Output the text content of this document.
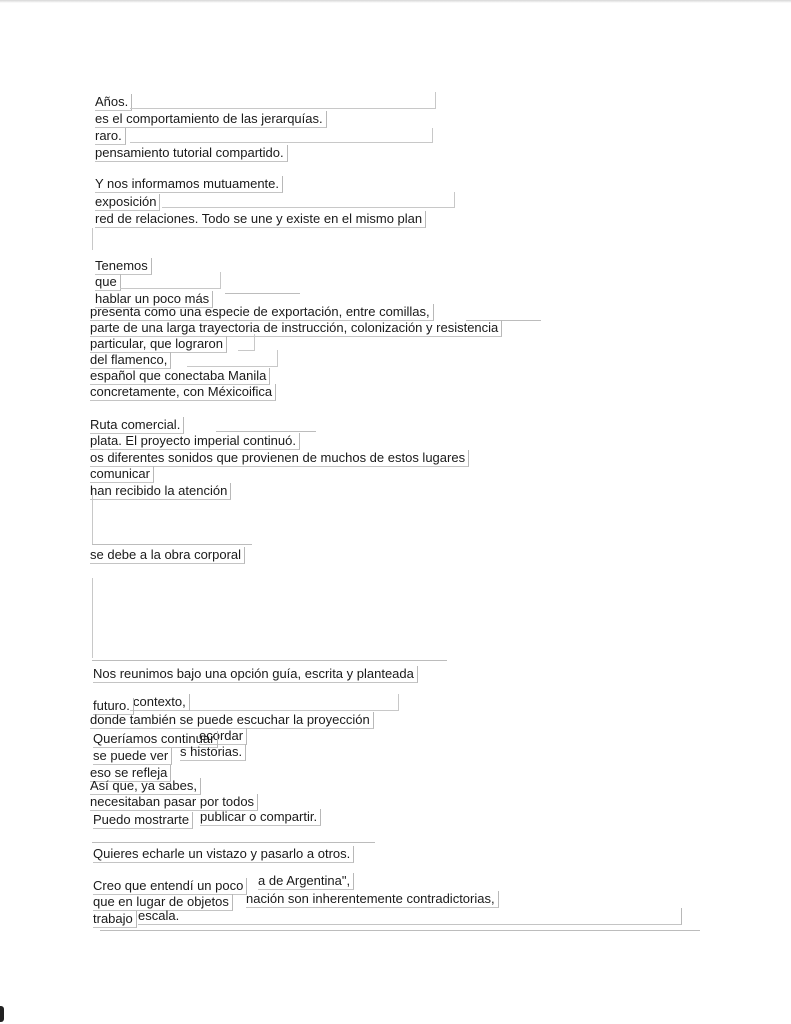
Años.
es el comportamiento de las jerarquías.
raro.
pensamiento tutorial compartido.
Y nos informamos mutuamente.
exposición
red de relaciones. Todo se une y existe en el mismo plan
Tenemos
que
hablar un poco más
presenta como una especie de exportación, entre comillas,
parte de una larga trayectoria de instrucción, colonización y resistencia
particular, que lograron
del flamenco,
español que conectaba Manila
concretamente, con Méxicoifica
Ruta comercial.
plata. El proyecto imperial continuó.
os diferentes sonidos que provienen de muchos de estos lugares
comunicar
han recibido la atención
se debe a la obra corporal
Nos reunimos bajo una opción guía, escrita y planteada
contexto,
futuro.
donde también se puede escuchar la proyección
ecordar
Queríamos continuar
s historias.
se puede ver
eso se refleja
Así que, ya sabes,
necesitaban pasar por todos
Puedo mostrarte publicar o compartir.
Quieres echarle un vistazo y pasarlo a otros.
a de Argentina",
Creo que entendí un poco
nación son inherentemente contradictorias,
que en lugar de objetos
escala.
trabajo
